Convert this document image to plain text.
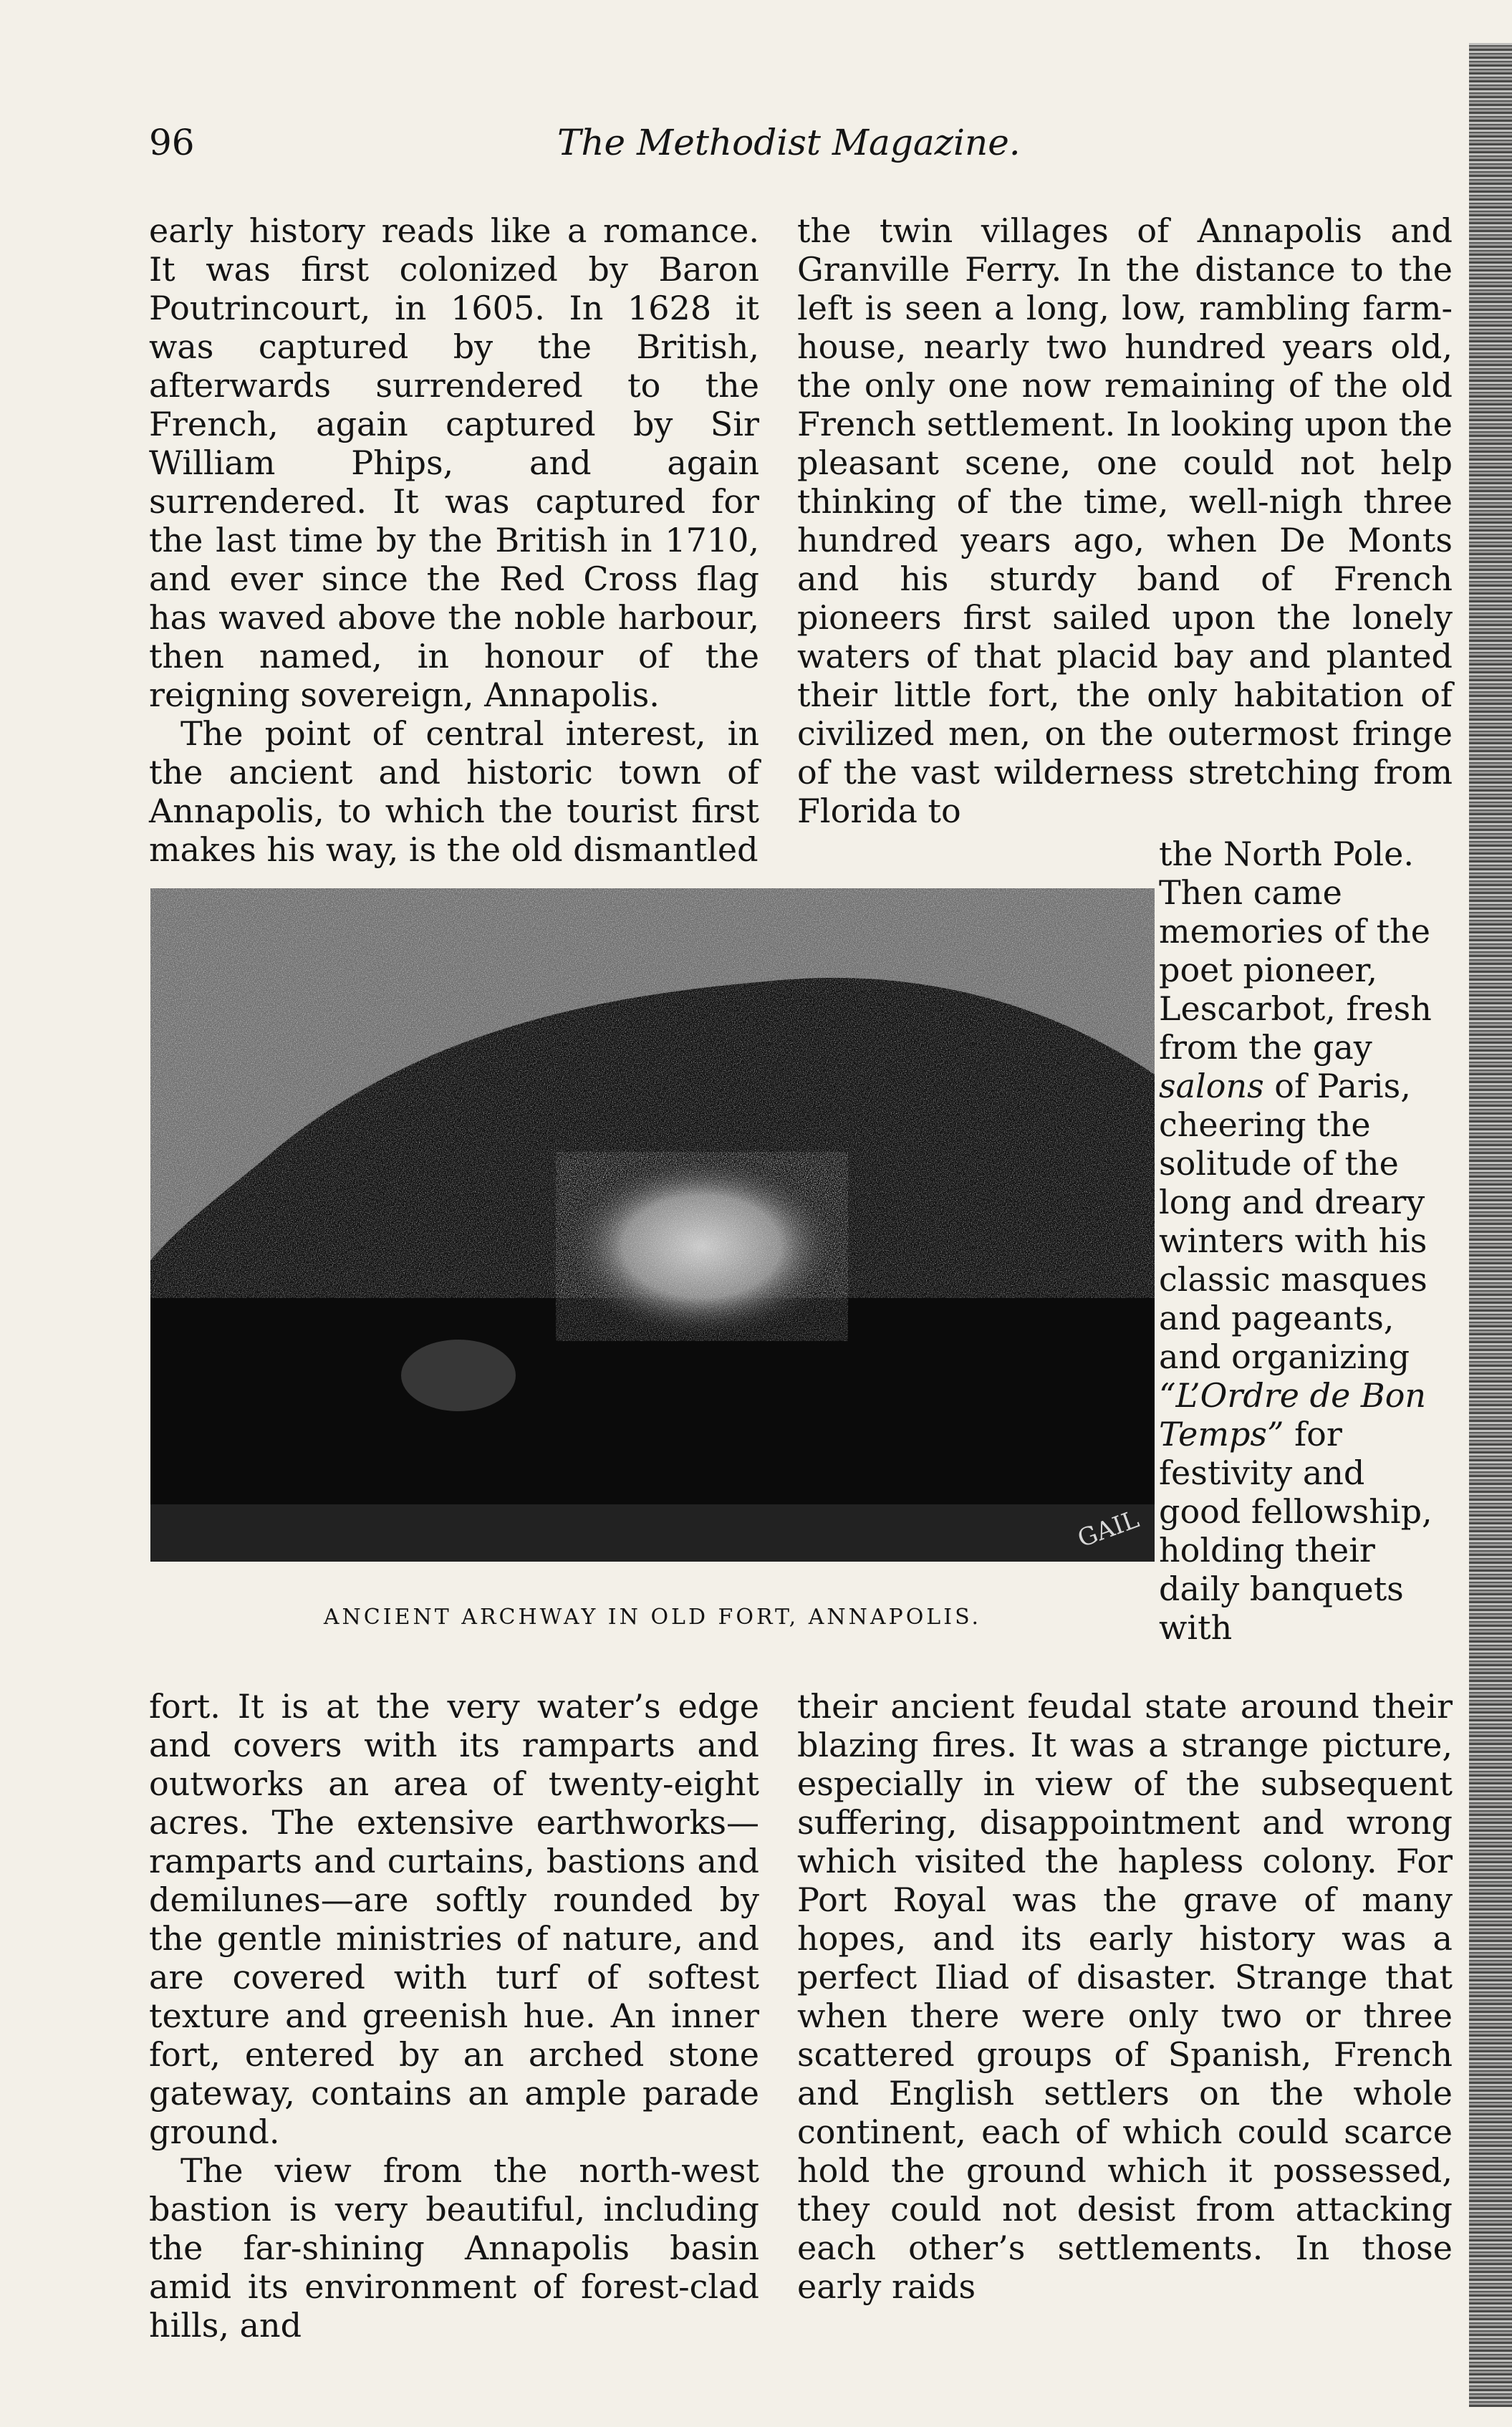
96	The Methodist Magazine.

early history reads like a romance. It was first colonized by Baron Poutrincourt, in 1605. In 1628 it was captured by the British, afterwards surrendered to the French, again captured by Sir William Phips, and again surrendered. It was captured for the last time by the British in 1710, and ever since the Red Cross flag has waved above the noble harbour, then named, in honour of the reigning sovereign, Annapolis.

The point of central interest, in the ancient and historic town of Annapolis, to which the tourist first makes his way, is the old dismantled

the twin villages of Annapolis and Granville Ferry. In the distance to the left is seen a long, low, rambling farm-house, nearly two hundred years old, the only one now remaining of the old French settlement. In looking upon the pleasant scene, one could not help thinking of the time, well-nigh three hundred years ago, when De Monts and his sturdy band of French pioneers first sailed upon the lonely waters of that placid bay and planted their little fort, the only habitation of civilized men, on the outermost fringe of the vast wilderness stretching from Florida to

the North Pole. Then came memories of the poet pioneer, Lescarbot, fresh from the gay salons of Paris, cheering the solitude of the long and dreary winters with his classic masques and pageants, and organizing “L’Ordre de Bon Temps” for festivity and good fellowship, holding their daily banquets with

GAIL
ANCIENT ARCHWAY IN OLD FORT, ANNAPOLIS.

fort. It is at the very water’s edge and covers with its ramparts and outworks an area of twenty-eight acres. The extensive earthworks—ramparts and curtains, bastions and demilunes—are softly rounded by the gentle ministries of nature, and are covered with turf of softest texture and greenish hue. An inner fort, entered by an arched stone gateway, contains an ample parade ground.

The view from the north-west bastion is very beautiful, including the far-shining Annapolis basin amid its environment of forest-clad hills, and

their ancient feudal state around their blazing fires. It was a strange picture, especially in view of the subsequent suffering, disappointment and wrong which visited the hapless colony. For Port Royal was the grave of many hopes, and its early history was a perfect Iliad of disaster. Strange that when there were only two or three scattered groups of Spanish, French and English settlers on the whole continent, each of which could scarce hold the ground which it possessed, they could not desist from attacking each other’s settlements. In those early raids
